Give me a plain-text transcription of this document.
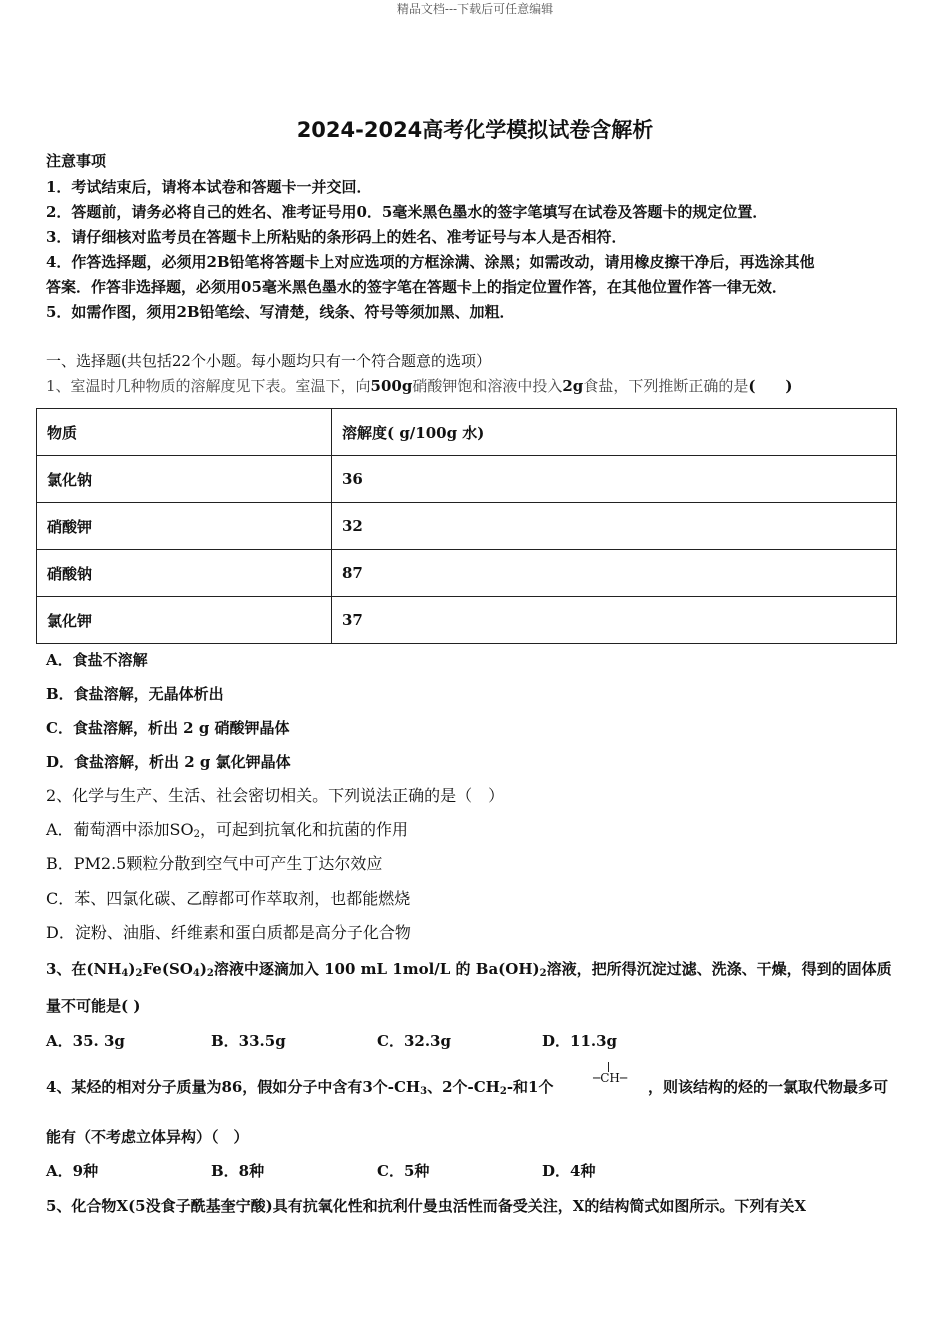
精品文档---下载后可任意编辑
2024-2024高考化学模拟试卷含解析
注意事项
1．考试结束后，请将本试卷和答题卡一并交回．
2．答题前，请务必将自己的姓名、准考证号用0．5毫米黑色墨水的签字笔填写在试卷及答题卡的规定位置．
3．请仔细核对监考员在答题卡上所粘贴的条形码上的姓名、准考证号与本人是否相符．
4．作答选择题，必须用2B铅笔将答题卡上对应选项的方框涂满、涂黑；如需改动，请用橡皮擦干净后，再选涂其他
答案．作答非选择题，必须用05毫米黑色墨水的签字笔在答题卡上的指定位置作答，在其他位置作答一律无效．
5．如需作图，须用2B铅笔绘、写清楚，线条、符号等须加黑、加粗．
一、选择题(共包括22个小题。每小题均只有一个符合题意的选项）
1、室温时几种物质的溶解度见下表。室温下，向500g硝酸钾饱和溶液中投入2g食盐，下列推断正确的是(　　)
物质	溶解度( g/100g 水)
氯化钠	36
硝酸钾	32
硝酸钠	87
氯化钾	37
A．食盐不溶解
B．食盐溶解，无晶体析出
C．食盐溶解，析出 2 g 硝酸钾晶体
D．食盐溶解，析出 2 g 氯化钾晶体
2、化学与生产、生活、社会密切相关。下列说法正确的是（　）
A．葡萄酒中添加$SO_2$，可起到抗氧化和抗菌的作用
B．PM2.5颗粒分散到空气中可产生丁达尔效应
C．苯、四氯化碳、乙醇都可作萃取剂，也都能燃烧
D．淀粉、油脂、纤维素和蛋白质都是高分子化合物
3、在$(NH_4)_2Fe(SO_4)_2$溶液中逐滴加入 100 mL 1mol/L 的 $Ba(OH)_2$溶液，把所得沉淀过滤、洗涤、干燥，得到的固体质
量不可能是( )
A．35. 3g	B．33.5g	C．32.3g	D．11.3g
4、某烃的相对分子质量为86，假如分子中含有3个$-CH_3$、2个$-CH_2-$和1个	─CH─ ，则该结构的烃的一氯取代物最多可
能有（不考虑立体异构）（　）
A．9种	B．8种	C．5种	D．4种
5、化合物X(5没食子酰基奎宁酸)具有抗氧化性和抗利什曼虫活性而备受关注，X的结构简式如图所示。下列有关X
